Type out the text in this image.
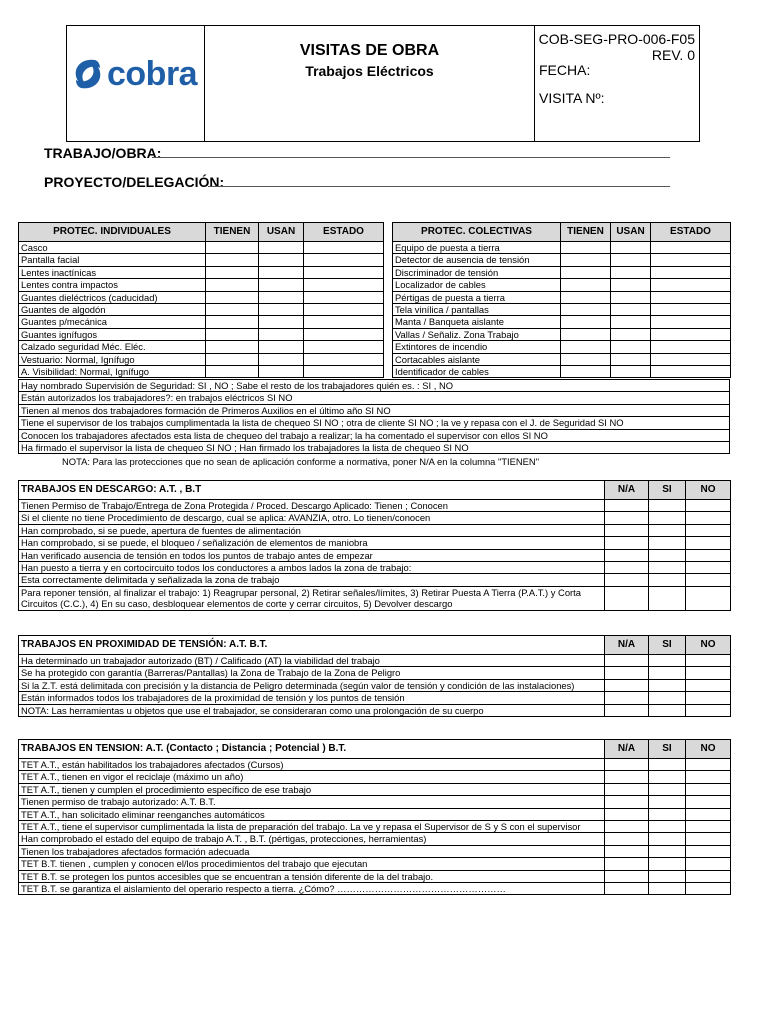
cobra
VISITAS DE OBRA
Trabajos Eléctricos
COB-SEG-PRO-006-F05
REV. 0
FECHA:
VISITA Nº:
TRABAJO/OBRA:
PROYECTO/DELEGACIÓN:
PROTEC. INDIVIDUALES	TIENEN	USAN	ESTADO
Casco			
Pantalla facial			
Lentes inactínicas			
Lentes contra impactos			
Guantes dieléctricos (caducidad)			
Guantes de algodón			
Guantes p/mecánica			
Guantes ignífugos			
Calzado seguridad Méc. Eléc.			
Vestuario: Normal, Ignífugo			
A. Visibilidad: Normal, Ignífugo			
PROTEC. COLECTIVAS	TIENEN	USAN	ESTADO
Equipo de puesta a tierra			
Detector de ausencia de tensión			
Discriminador de tensión			
Localizador de cables			
Pértigas de puesta a tierra			
Tela vinílica / pantallas			
Manta / Banqueta aislante			
Vallas / Señaliz. Zona Trabajo			
Extintores de incendio			
Cortacables aislante			
Identificador de cables			
Hay nombrado Supervisión de Seguridad: SI , NO ; Sabe el resto de los trabajadores quién es. : SI , NO
Están autorizados los trabajadores?: en trabajos eléctricos SI NO
Tienen al menos dos trabajadores formación de Primeros Auxilios en el último año SI NO
Tiene el supervisor de los trabajos cumplimentada la lista de chequeo SI NO ; otra de cliente SI NO ; la ve y repasa con el J. de Seguridad SI NO
Conocen los trabajadores afectados esta lista de chequeo del trabajo a realizar; la ha comentado el supervisor con ellos SI NO
Ha firmado el supervisor la lista de chequeo SI NO ; Han firmado los trabajadores la lista de chequeo SI NO
NOTA: Para las protecciones que no sean de aplicación conforme a normativa, poner N/A en la columna "TIENEN"
TRABAJOS EN DESCARGO: A.T. , B.T	N/A	SI	NO
Tienen Permiso de Trabajo/Entrega de Zona Protegida / Proced. Descargo Aplicado: Tienen ; Conocen			
Si el cliente no tiene Procedimiento de descargo, cual se aplica: AVANZIA, otro. Lo tienen/conocen			
Han comprobado, si se puede, apertura de fuentes de alimentación			
Han comprobado, si se puede, el bloqueo / señalización de elementos de maniobra			
Han verificado ausencia de tensión en todos los puntos de trabajo antes de empezar			
Han puesto a tierra y en cortocircuito todos los conductores a ambos lados la zona de trabajo:			
Esta correctamente delimitada y señalizada la zona de trabajo			
Para reponer tensión, al finalizar el trabajo: 1) Reagrupar personal, 2) Retirar señales/límites, 3) Retirar Puesta A Tierra (P.A.T.) y Corta Circuitos (C.C.), 4) En su caso, desbloquear elementos de corte y cerrar circuitos, 5) Devolver descargo			
TRABAJOS EN PROXIMIDAD DE TENSIÓN: A.T. B.T.	N/A	SI	NO
Ha determinado un trabajador autorizado (BT) / Calificado (AT) la viabilidad del trabajo			
Se ha protegido con garantía (Barreras/Pantallas) la Zona de Trabajo de la Zona de Peligro			
Si la Z.T. está delimitada con precisión y la distancia de Peligro determinada (según valor de tensión y condición de las instalaciones)			
Están informados todos los trabajadores de la proximidad de tensión y los puntos de tensión			
NOTA: Las herramientas u objetos que use el trabajador, se consideraran como una prolongación de su cuerpo			
TRABAJOS EN TENSION: A.T. (Contacto ; Distancia ; Potencial ) B.T.	N/A	SI	NO
TET A.T., están habilitados los trabajadores afectados (Cursos)			
TET A.T., tienen en vigor el reciclaje (máximo un año)			
TET A.T., tienen y cumplen el procedimiento específico de ese trabajo			
Tienen permiso de trabajo autorizado: A.T. B.T.			
TET A.T., han solicitado eliminar reenganches automáticos			
TET A.T., tiene el supervisor cumplimentada la lista de preparación del trabajo. La ve y repasa el Supervisor de S y S con el supervisor			
Han comprobado el estado del equipo de trabajo A.T. , B.T. (pértigas, protecciones, herramientas)			
Tienen los trabajadores afectados formación adecuada			
TET B.T. tienen , cumplen y conocen el/los procedimientos del trabajo que ejecutan			
TET B.T. se protegen los puntos accesibles que se encuentran a tensión diferente de la del trabajo.			
TET B.T. se garantiza el aislamiento del operario respecto a tierra. ¿Cómo? ………………………………………………			
